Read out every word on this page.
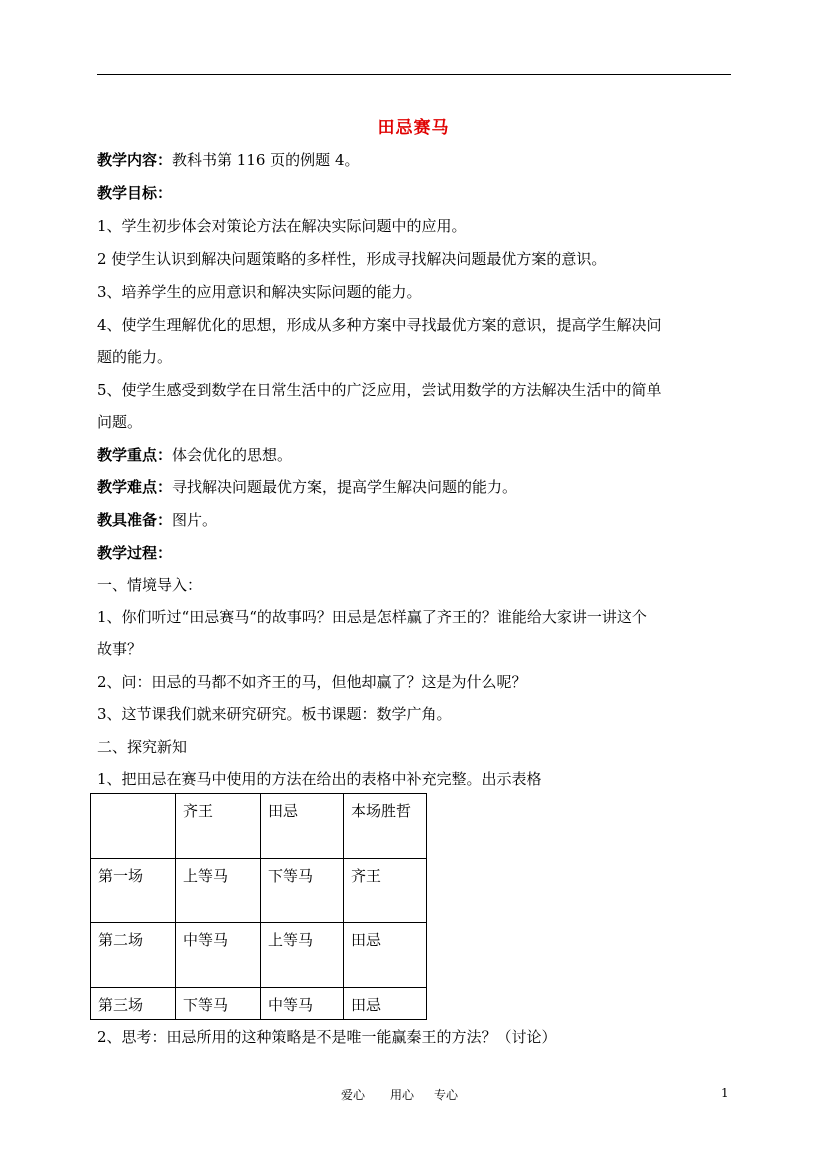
田忌赛马
教学内容：教科书第 116 页的例题 4。
教学目标：
1、学生初步体会对策论方法在解决实际问题中的应用。
2 使学生认识到解决问题策略的多样性，形成寻找解决问题最优方案的意识。
3、培养学生的应用意识和解决实际问题的能力。
4、使学生理解优化的思想，形成从多种方案中寻找最优方案的意识，提高学生解决问
题的能力。
5、使学生感受到数学在日常生活中的广泛应用，尝试用数学的方法解决生活中的简单
问题。
教学重点：体会优化的思想。
教学难点：寻找解决问题最优方案，提高学生解决问题的能力。
教具准备：图片。
教学过程：
一、情境导入：
1、你们听过“田忌赛马“的故事吗？田忌是怎样赢了齐王的？谁能给大家讲一讲这个
故事？
2、问：田忌的马都不如齐王的马，但他却赢了？这是为什么呢？
3、这节课我们就来研究研究。板书课题：数学广角。
二、探究新知
1、把田忌在赛马中使用的方法在给出的表格中补充完整。出示表格
	齐王	田忌	本场胜哲
第一场	上等马	下等马	齐王
第二场	中等马	上等马	田忌
第三场	下等马	中等马	田忌
2、思考：田忌所用的这种策略是不是唯一能赢秦王的方法？（讨论）
爱心 用心 专心	1
